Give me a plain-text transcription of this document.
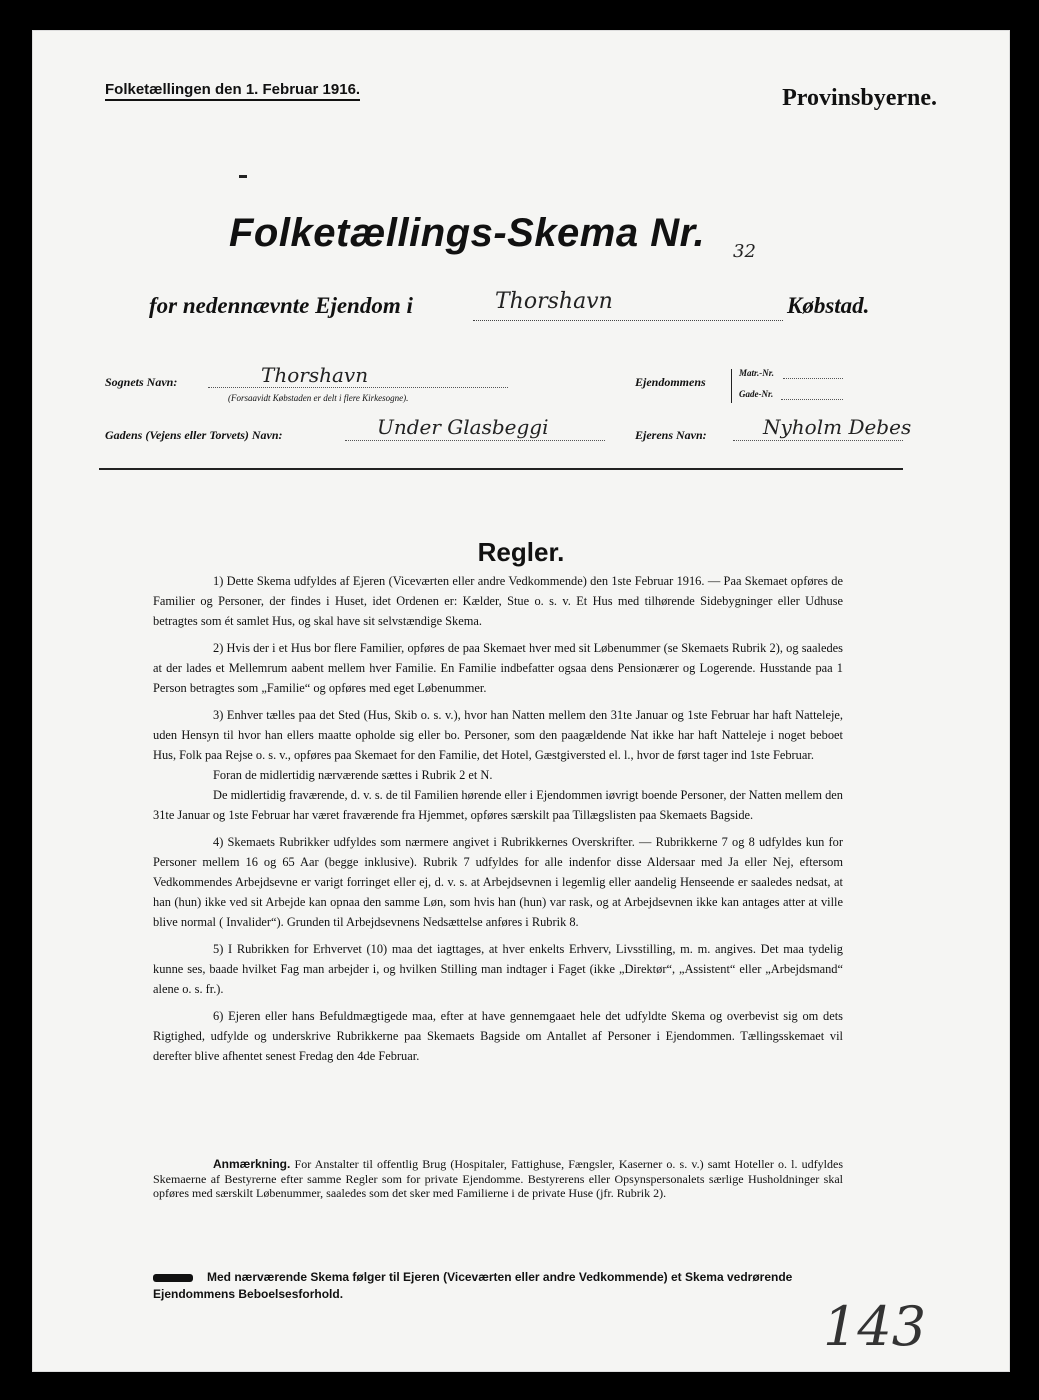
Folketællingen den 1. Februar 1916.	Provinsbyerne.
Folketællings-Skema Nr. 32
for nedennævnte Ejendom i	Thorshavn	Købstad.
Sognets Navn:	Thorshavn
(Forsaavidt Købstaden er delt i flere Kirkesogne).
Ejendommens
Matr.-Nr.
Gade-Nr.
Gadens (Vejens eller Torvets) Navn:	Under Glasbeggi	Ejerens Navn:	Nyholm Debes
Regler.

1) Dette Skema udfyldes af Ejeren (Viceværten eller andre Vedkommende) den 1ste Februar 1916. — Paa Skemaet opføres de Familier og Personer, der findes i Huset, idet Ordenen er: Kælder, Stue o. s. v. Et Hus med tilhørende Sidebygninger eller Udhuse betragtes som ét samlet Hus, og skal have sit selvstændige Skema.

2) Hvis der i et Hus bor flere Familier, opføres de paa Skemaet hver med sit Løbenummer (se Skemaets Rubrik 2), og saaledes at der lades et Mellemrum aabent mellem hver Familie. En Familie indbefatter ogsaa dens Pensionærer og Logerende. Husstande paa 1 Person betragtes som „Familie“ og opføres med eget Løbenummer.

3) Enhver tælles paa det Sted (Hus, Skib o. s. v.), hvor han Natten mellem den 31te Januar og 1ste Februar har haft Natteleje, uden Hensyn til hvor han ellers maatte opholde sig eller bo. Personer, som den paagældende Nat ikke har haft Natteleje i noget beboet Hus, Folk paa Rejse o. s. v., opføres paa Skemaet for den Familie, det Hotel, Gæstgiversted el. l., hvor de først tager ind 1ste Februar.

Foran de midlertidig nærværende sættes i Rubrik 2 et N.

De midlertidig fraværende, d. v. s. de til Familien hørende eller i Ejendommen iøvrigt boende Personer, der Natten mellem den 31te Januar og 1ste Februar har været fraværende fra Hjemmet, opføres særskilt paa Tillægslisten paa Skemaets Bagside.

4) Skemaets Rubrikker udfyldes som nærmere angivet i Rubrikkernes Overskrifter. — Rubrikkerne 7 og 8 udfyldes kun for Personer mellem 16 og 65 Aar (begge inklusive). Rubrik 7 udfyldes for alle indenfor disse Aldersaar med Ja eller Nej, eftersom Vedkommendes Arbejdsevne er varigt forringet eller ej, d. v. s. at Arbejdsevnen i legemlig eller aandelig Henseende er saaledes nedsat, at han (hun) ikke ved sit Arbejde kan opnaa den samme Løn, som hvis han (hun) var rask, og at Arbejdsevnen ikke kan antages atter at ville blive normal ( Invalider“). Grunden til Arbejdsevnens Nedsættelse anføres i Rubrik 8.

5) I Rubrikken for Erhvervet (10) maa det iagttages, at hver enkelts Erhverv, Livsstilling, m. m. angives. Det maa tydelig kunne ses, baade hvilket Fag man arbejder i, og hvilken Stilling man indtager i Faget (ikke „Direktør“, „Assistent“ eller „Arbejdsmand“ alene o. s. fr.).

6) Ejeren eller hans Befuldmægtigede maa, efter at have gennemgaaet hele det udfyldte Skema og overbevist sig om dets Rigtighed, udfylde og underskrive Rubrikkerne paa Skemaets Bagside om Antallet af Personer i Ejendommen. Tællingsskemaet vil derefter blive afhentet senest Fredag den 4de Februar.

Anmærkning. For Anstalter til offentlig Brug (Hospitaler, Fattighuse, Fængsler, Kaserner o. s. v.) samt Hoteller o. l. udfyldes Skemaerne af Bestyrerne efter samme Regler som for private Ejendomme. Bestyrerens eller Opsynspersonalets særlige Husholdninger skal opføres med særskilt Løbenummer, saaledes som det sker med Familierne i de private Huse (jfr. Rubrik 2).
Med nærværende Skema følger til Ejeren (Viceværten eller andre Vedkommende) et Skema vedrørende Ejendommens Beboelsesforhold.
143
